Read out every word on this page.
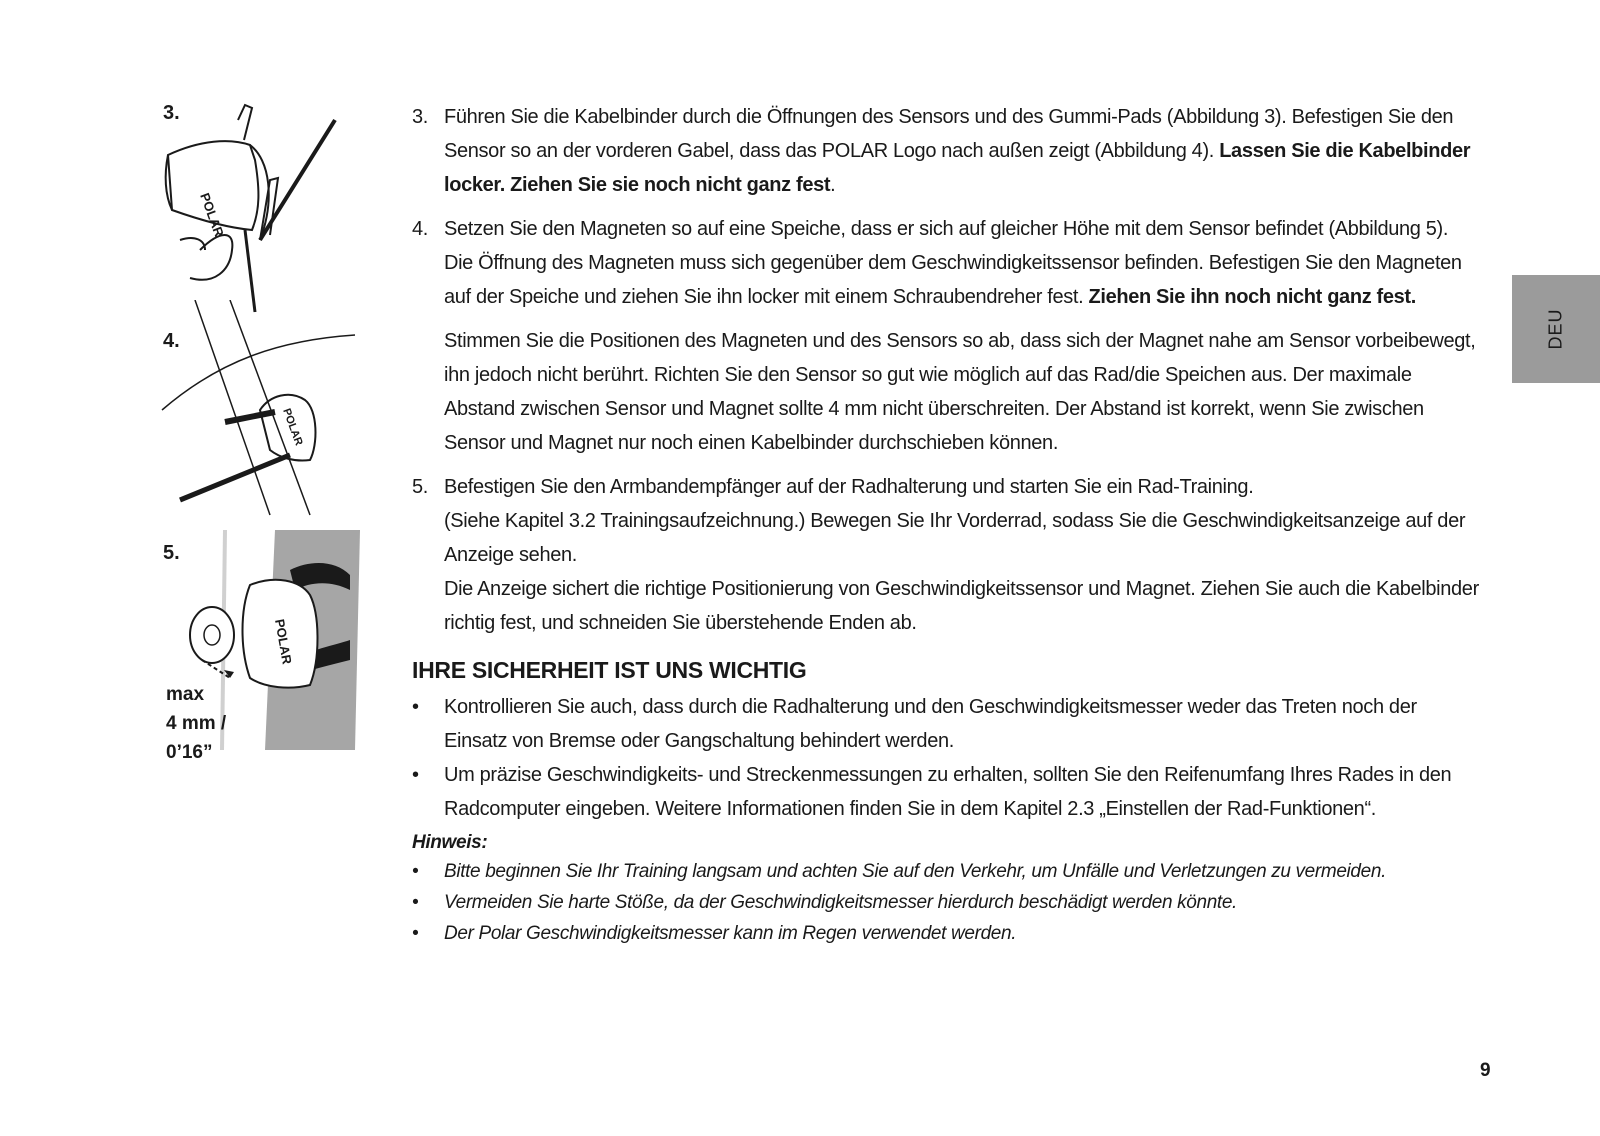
3.
POLAR
4.
POLAR
5.
POLAR
max
4 mm /
0’16”
3. Führen Sie die Kabelbinder durch die Öffnungen des Sensors und des Gummi-Pads (Abbildung 3). Befestigen Sie den Sensor so an der vorderen Gabel, dass das POLAR Logo nach außen zeigt (Abbildung 4). Lassen Sie die Kabelbinder locker. Ziehen Sie sie noch nicht ganz fest.
4. Setzen Sie den Magneten so auf eine Speiche, dass er sich auf gleicher Höhe mit dem Sensor befindet (Abbildung 5). Die Öffnung des Magneten muss sich gegenüber dem Geschwindigkeitssensor befinden. Befestigen Sie den Magneten auf der Speiche und ziehen Sie ihn locker mit einem Schraubendreher fest. Ziehen Sie ihn noch nicht ganz fest.
Stimmen Sie die Positionen des Magneten und des Sensors so ab, dass sich der Magnet nahe am Sensor vorbeibewegt, ihn jedoch nicht berührt. Richten Sie den Sensor so gut wie möglich auf das Rad/die Speichen aus. Der maximale Abstand zwischen Sensor und Magnet sollte 4 mm nicht überschreiten. Der Abstand ist korrekt, wenn Sie zwischen Sensor und Magnet nur noch einen Kabelbinder durchschieben können.
5. Befestigen Sie den Armbandempfänger auf der Radhalterung und starten Sie ein Rad-Training.
(Siehe Kapitel 3.2 Trainingsaufzeichnung.) Bewegen Sie Ihr Vorderrad, sodass Sie die Geschwindigkeitsanzeige auf der Anzeige sehen.
Die Anzeige sichert die richtige Positionierung von Geschwindigkeitssensor und Magnet. Ziehen Sie auch die Kabelbinder richtig fest, und schneiden Sie überstehende Enden ab.
IHRE SICHERHEIT IST UNS WICHTIG
• Kontrollieren Sie auch, dass durch die Radhalterung und den Geschwindigkeitsmesser weder das Treten noch der Einsatz von Bremse oder Gangschaltung behindert werden.
• Um präzise Geschwindigkeits- und Streckenmessungen zu erhalten, sollten Sie den Reifenumfang Ihres Rades in den Radcomputer eingeben. Weitere Informationen finden Sie in dem Kapitel 2.3 „Einstellen der Rad-Funktionen“.
Hinweis:
• Bitte beginnen Sie Ihr Training langsam und achten Sie auf den Verkehr, um Unfälle und Verletzungen zu vermeiden.
• Vermeiden Sie harte Stöße, da der Geschwindigkeitsmesser hierdurch beschädigt werden könnte.
• Der Polar Geschwindigkeitsmesser kann im Regen verwendet werden.
DEU
9
